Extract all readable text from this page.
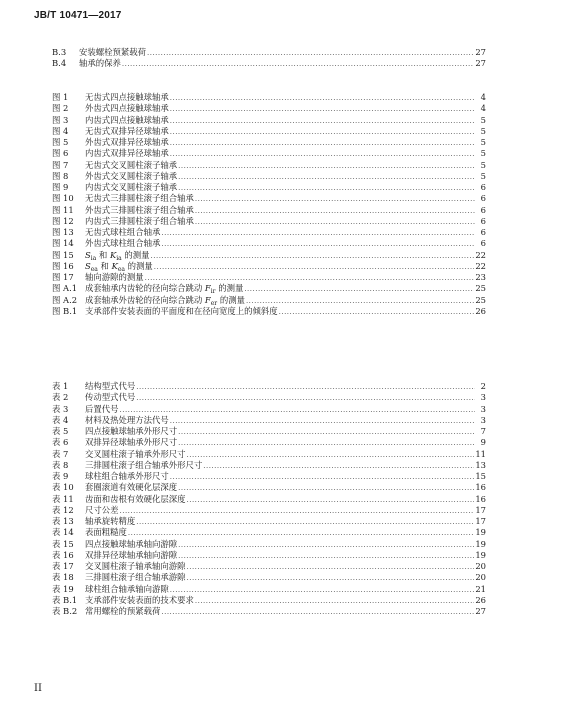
JB/T 10471—2017
B.3 安装螺栓预紧载荷 .....	27
B.4 轴承的保养 .....	27
图 1	无齿式四点接触球轴承 .....	4
图 2	外齿式四点接触球轴承 .....	4
图 3	内齿式四点接触球轴承 .....	5
图 4	无齿式双排异径球轴承 .....	5
图 5	外齿式双排异径球轴承 .....	5
图 6	内齿式双排异径球轴承 .....	5
图 7	无齿式交叉圆柱滚子轴承 .....	5
图 8	外齿式交叉圆柱滚子轴承 .....	5
图 9	内齿式交叉圆柱滚子轴承 .....	6
图 10	无齿式三排圆柱滚子组合轴承 .....	6
图 11	外齿式三排圆柱滚子组合轴承 .....	6
图 12	内齿式三排圆柱滚子组合轴承 .....	6
图 13	无齿式球柱组合轴承 .....	6
图 14	外齿式球柱组合轴承 .....	6
图 15	$S_{ia}$ 和 $K_{ia}$ 的测量 .....	22
图 16	$S_{ea}$ 和 $K_{ea}$ 的测量 .....	22
图 17	轴向游隙的测量 .....	23
图 A.1 成套轴承内齿轮的径向综合跳动 $F_{ir}$ 的测量 .....	25
图 A.2 成套轴承外齿轮的径向综合跳动 $F_{er}$ 的测量 .....	25
图 B.1 支承部件安装表面的平面度和在径向宽度上的倾斜度 .....	26
表 1	结构型式代号 .....	2
表 2	传动型式代号 .....	3
表 3	后置代号 .....	3
表 4	材料及热处理方法代号 .....	3
表 5	四点接触球轴承外形尺寸 .....	7
表 6	双排异径球轴承外形尺寸 .....	9
表 7	交叉圆柱滚子轴承外形尺寸 .....	11
表 8	三排圆柱滚子组合轴承外形尺寸 .....	13
表 9	球柱组合轴承外形尺寸 .....	15
表 10	套圈滚道有效硬化层深度 .....	16
表 11	齿面和齿根有效硬化层深度 .....	16
表 12	尺寸公差 .....	17
表 13	轴承旋转精度 .....	17
表 14	表面粗糙度 .....	19
表 15	四点接触球轴承轴向游隙 .....	19
表 16	双排异径球轴承轴向游隙 .....	19
表 17	交叉圆柱滚子轴承轴向游隙 .....	20
表 18	三排圆柱滚子组合轴承游隙 .....	20
表 19	球柱组合轴承轴向游隙 .....	21
表 B.1 支承部件安装表面的技术要求 .....	26
表 B.2 常用螺栓的预紧载荷 .....	27
II
